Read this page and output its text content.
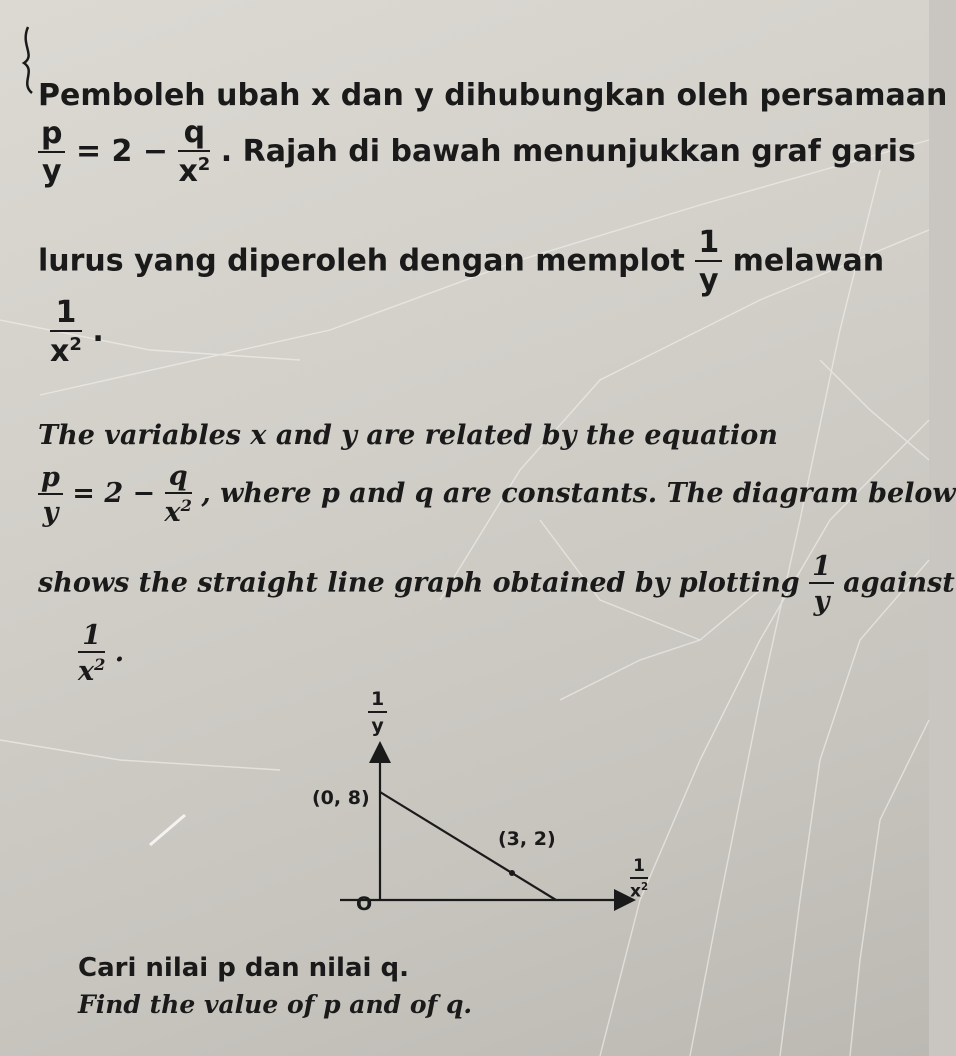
Pemboleh ubah x dan y dihubungkan oleh persamaan
$\frac{p}{y} = 2 - \frac{q}{x^2}$ . Rajah di bawah menunjukkan graf garis
lurus yang diperoleh dengan memplot $\frac{1}{y}$ melawan
$\frac{1}{x^2}$ .
The variables x and y are related by the equation
$\frac{p}{y} = 2 - \frac{q}{x^2}$ , where p and q are constants. The diagram below
shows the straight line graph obtained by plotting $\frac{1}{y}$ against
$\frac{1}{x^2}$ .
$\frac{1}{y}$
(0, 8)
(3, 2)
O
$\frac{1}{x^2}$
Cari nilai p dan nilai q.
Find the value of p and of q.
